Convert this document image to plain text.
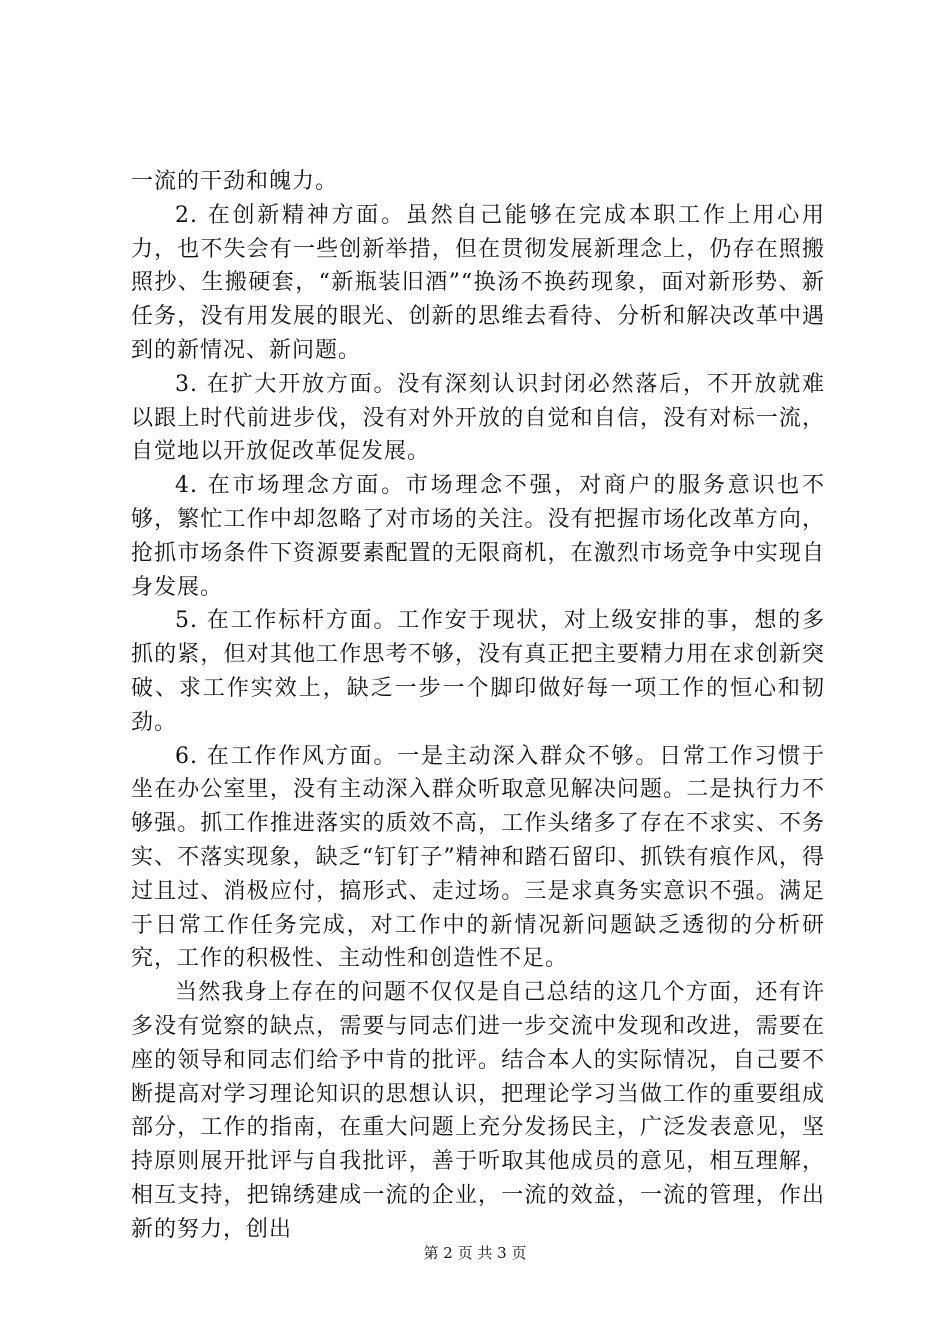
一流的干劲和魄力。

2. 在创新精神方面。虽然自己能够在完成本职工作上用心用力，也不失会有一些创新举措，但在贯彻发展新理念上，仍存在照搬照抄、生搬硬套，“新瓶装旧酒”“换汤不换药现象，面对新形势、新任务，没有用发展的眼光、创新的思维去看待、分析和解决改革中遇到的新情况、新问题。

3. 在扩大开放方面。没有深刻认识封闭必然落后，不开放就难以跟上时代前进步伐，没有对外开放的自觉和自信，没有对标一流，自觉地以开放促改革促发展。

4. 在市场理念方面。市场理念不强，对商户的服务意识也不够，繁忙工作中却忽略了对市场的关注。没有把握市场化改革方向，抢抓市场条件下资源要素配置的无限商机，在激烈市场竞争中实现自身发展。

5. 在工作标杆方面。工作安于现状，对上级安排的事，想的多抓的紧，但对其他工作思考不够，没有真正把主要精力用在求创新突破、求工作实效上，缺乏一步一个脚印做好每一项工作的恒心和韧劲。

6. 在工作作风方面。一是主动深入群众不够。日常工作习惯于坐在办公室里，没有主动深入群众听取意见解决问题。二是执行力不够强。抓工作推进落实的质效不高，工作头绪多了存在不求实、不务实、不落实现象，缺乏“钉钉子”精神和踏石留印、抓铁有痕作风，得过且过、消极应付，搞形式、走过场。三是求真务实意识不强。满足于日常工作任务完成，对工作中的新情况新问题缺乏透彻的分析研究，工作的积极性、主动性和创造性不足。

当然我身上存在的问题不仅仅是自己总结的这几个方面，还有许多没有觉察的缺点，需要与同志们进一步交流中发现和改进，需要在座的领导和同志们给予中肯的批评。结合本人的实际情况，自己要不断提高对学习理论知识的思想认识，把理论学习当做工作的重要组成部分，工作的指南，在重大问题上充分发扬民主，广泛发表意见，坚持原则展开批评与自我批评，善于听取其他成员的意见，相互理解，相互支持，把锦绣建成一流的企业，一流的效益，一流的管理，作出新的努力，创出

第 2 页 共 3 页
